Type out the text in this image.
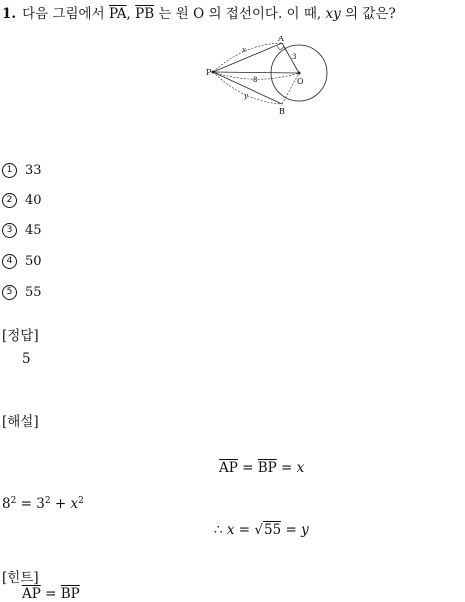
1. 다음 그림에서 $\overline{PA}$, $\overline{PB}$ 는 원 O 의 접선이다. 이 때, xy 의 값은?
A
B
P
O
x
y
3
8
1 33
2 40
3 45
4 50
5 55
[정답]
5
[해설]
$\overline{AP} = \overline{BP} = x$
$8^2 = 3^2 + x^2$
∴ x = √55 = y
[힌트]
$\overline{AP} = \overline{BP}$
